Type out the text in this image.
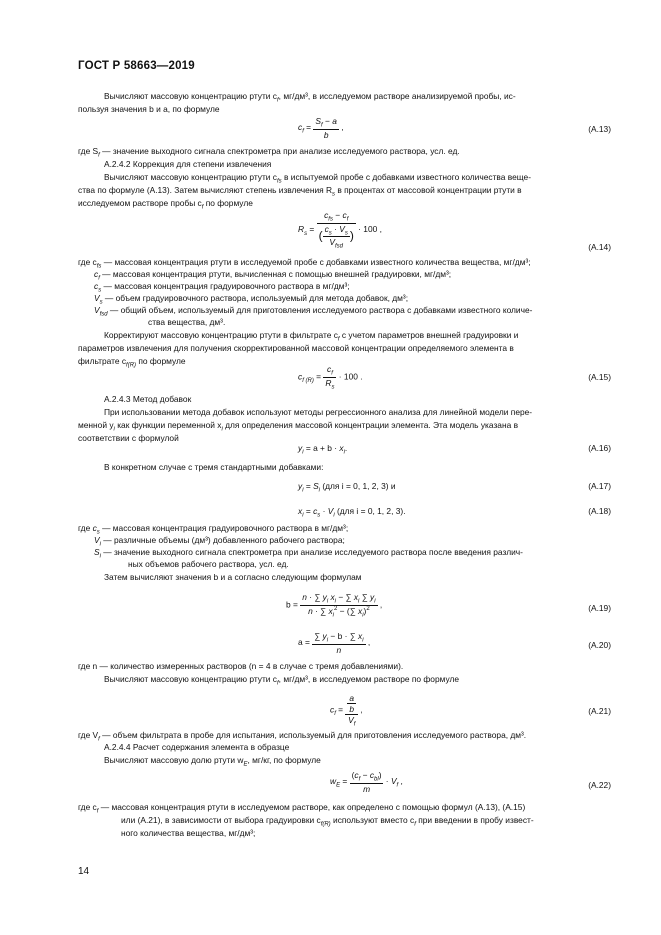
ГОСТ Р 58663—2019
Вычисляют массовую концентрацию ртути $c_f$, мг/дм³, в исследуемом растворе анализируемой пробы, ис-
пользуя значения b и a, по формуле
$c_f = \frac{S_f - a}{b}$ ,	(А.13)
где $S_f$ — значение выходного сигнала спектрометра при анализе исследуемого раствора, усл. ед.
А.2.4.2 Коррекция для степени извлечения
Вычисляют массовую концентрацию ртути $c_{fs}$ в испытуемой пробе с добавками известного количества веще-
ства по формуле (А.13). Затем вычисляют степень извлечения $R_s$ в процентах от массовой концентрации ртути в
исследуемом растворе пробы $c_f$ по формуле
$R_s = \frac{c_{fs} - c_f}{( \frac{c_s \cdot V_s}{V_{fsd}} )} \cdot 100$ ,
(А.14)
где $c_{fs}$ — массовая концентрация ртути в исследуемой пробе с добавками известного количества вещества, мг/дм³;
$c_f$ — массовая концентрация ртути, вычисленная с помощью внешней градуировки, мг/дм³;
$c_s$ — массовая концентрация градуировочного раствора в мг/дм³;
$V_s$ — объем градуировочного раствора, используемый для метода добавок, дм³;
$V_{fsd}$ — общий объем, используемый для приготовления исследуемого раствора с добавками известного количе-
ства вещества, дм³.
Корректируют массовую концентрацию ртути в фильтрате $c_f$ с учетом параметров внешней градуировки и
параметров извлечения для получения скорректированной массовой концентрации определяемого элемента в
фильтрате $c_{f(R)}$ по формуле
$c_{f (R)} = \frac{c_f}{R_s} \cdot 100$ .	(А.15)
А.2.4.3 Метод добавок
При использовании метода добавок используют методы регрессионного анализа для линейной модели пере-
менной $y_i$ как функции переменной $x_i$ для определения массовой концентрации элемента. Эта модель указана в
соответствии с формулой
$y_i = a + b \cdot x_i$.	(А.16)
В конкретном случае с тремя стандартными добавками:
$y_i = S_i$ (для i = 0, 1, 2, 3) и	(А.17)
$x_i = c_s \cdot V_i$ (для i = 0, 1, 2, 3).	(А.18)
где $c_s$ — массовая концентрация градуировочного раствора в мг/дм³;
$V_i$ — различные объемы (дм³) добавленного рабочего раствора;
$S_i$ — значение выходного сигнала спектрометра при анализе исследуемого раствора после введения различ-
ных объемов рабочего раствора, усл. ед.
Затем вычисляют значения b и a согласно следующим формулам
$b = \frac{n \cdot \sum y_i x_i - \sum x_i \sum y_i}{n \cdot \sum x_i^2 - (\sum x_i)^2}$ ,	(А.19)
$a = \frac{\sum y_i - b \cdot \sum x_i}{n}$ ,	(А.20)
где n — количество измеренных растворов (n = 4 в случае с тремя добавлениями).
Вычисляют массовую концентрацию ртути $c_f$, мг/дм³, в исследуемом растворе по формуле
$c_f = \frac{\frac{a}{b}}{V_f}$ ,	(А.21)
где $V_f$ — объем фильтрата в пробе для испытания, используемый для приготовления исследуемого раствора, дм³.
А.2.4.4 Расчет содержания элемента в образце
Вычисляют массовую долю ртути $w_E$, мг/кг, по формуле
$w_E = \frac{(c_f - c_{bl})}{m} \cdot V_f$ ,	(А.22)
где $c_f$ — массовая концентрация ртути в исследуемом растворе, как определено с помощью формул (А.13), (А.15)
или (А.21), в зависимости от выбора градуировки $c_{f(R)}$ используют вместо $c_f$ при введении в пробу извест-
ного количества вещества, мг/дм³;
14
